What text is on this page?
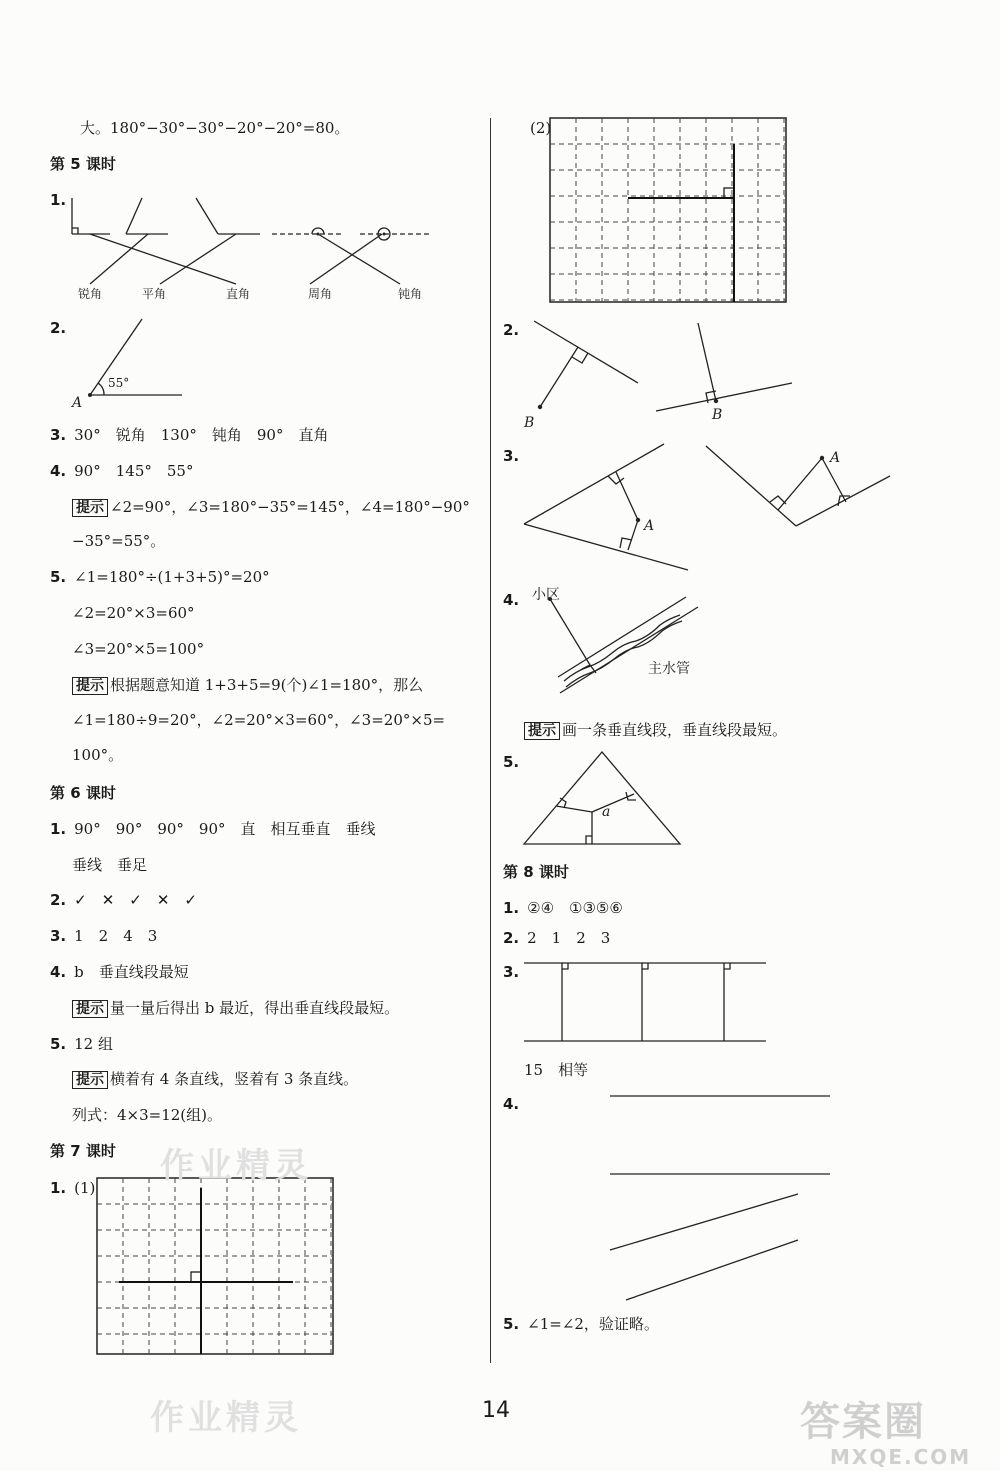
大。180°−30°−30°−20°−20°=80。
第 5 课时
1.
锐角	平角	直角	周角	钝角
2.
55°
A
3. 30°　锐角　130°　钝角　90°　直角
4. 90°　145°　55°
提示 ∠2=90°，∠3=180°−35°=145°，∠4=180°−90°
−35°=55°。
5. ∠1=180°÷(1+3+5)°=20°
∠2=20°×3=60°
∠3=20°×5=100°
提示 根据题意知道 1+3+5=9(个)∠1=180°，那么
∠1=180÷9=20°，∠2=20°×3=60°，∠3=20°×5=
100°。
第 6 课时
1. 90°　90°　90°　90°　直　相互垂直　垂线
垂线　垂足
2. ✓　✕　✓　✕　✓
3. 1　2　4　3
4. b　垂直线段最短
提示 量一量后得出 b 最近，得出垂直线段最短。
5. 12 组
提示 横着有 4 条直线，竖着有 3 条直线。
列式：4×3=12(组)。
第 7 课时
1. (1)
(2)
2.
B	B
3.
A
A
4. 小区
主水管
提示 画一条垂直线段，垂直线段最短。
5.
a
第 8 课时
1. ②④　①③⑤⑥
2. 2　1　2　3
3.
15　相等
4.
5. ∠1=∠2，验证略。
作业精灵
作业精灵	14	答案圈
MXQE.COM
